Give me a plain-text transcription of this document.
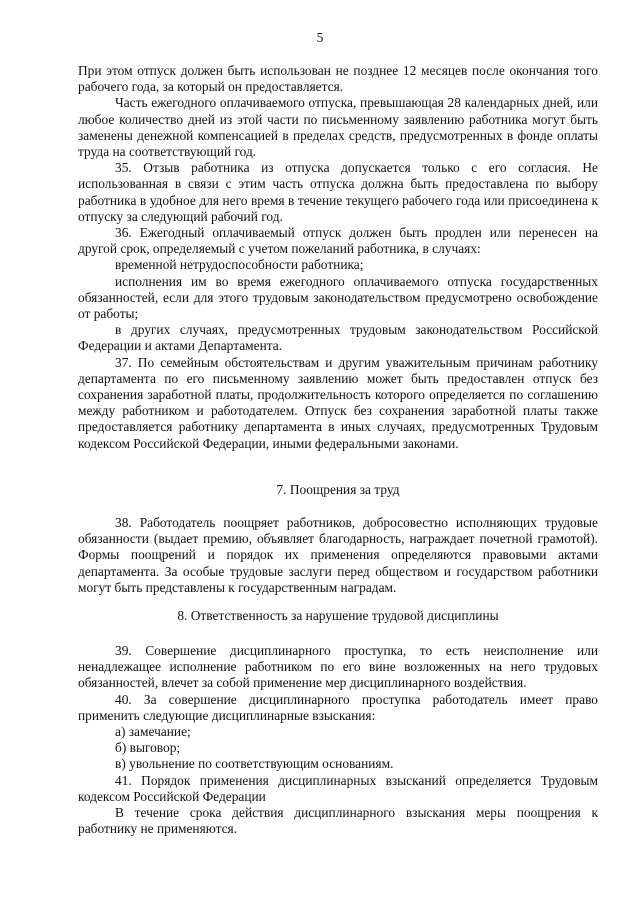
5

При этом отпуск должен быть использован не позднее 12 месяцев после окончания того рабочего года, за который он предоставляется.

Часть ежегодного оплачиваемого отпуска, превышающая 28 календарных дней, или любое количество дней из этой части по письменному заявлению работника могут быть заменены денежной компенсацией в пределах средств, предусмотренных в фонде оплаты труда на соответствующий год.

35. Отзыв работника из отпуска допускается только с его согласия. Не использованная в связи с этим часть отпуска должна быть предоставлена по выбору работника в удобное для него время в течение текущего рабочего года или присоединена к отпуску за следующий рабочий год.

36. Ежегодный оплачиваемый отпуск должен быть продлен или перенесен на другой срок, определяемый с учетом пожеланий работника, в случаях:

временной нетрудоспособности работника;

исполнения им во время ежегодного оплачиваемого отпуска государственных обязанностей, если для этого трудовым законодательством предусмотрено освобождение от работы;

в других случаях, предусмотренных трудовым законодательством Российской Федерации и актами Департамента.

37. По семейным обстоятельствам и другим уважительным причинам работнику департамента по его письменному заявлению может быть предоставлен отпуск без сохранения заработной платы, продолжительность которого определяется по соглашению между работником и работодателем. Отпуск без сохранения заработной платы также предоставляется работнику департамента в иных случаях, предусмотренных Трудовым кодексом Российской Федерации, иными федеральными законами.

7. Поощрения за труд

38. Работодатель поощряет работников, добросовестно исполняющих трудовые обязанности (выдает премию, объявляет благодарность, награждает почетной грамотой). Формы поощрений и порядок их применения определяются правовыми актами департамента. За особые трудовые заслуги перед обществом и государством работники могут быть представлены к государственным наградам.

8. Ответственность за нарушение трудовой дисциплины

39. Совершение дисциплинарного проступка, то есть неисполнение или ненадлежащее исполнение работником по его вине возложенных на него трудовых обязанностей, влечет за собой применение мер дисциплинарного воздействия.

40. За совершение дисциплинарного проступка работодатель имеет право применить следующие дисциплинарные взыскания:

а) замечание;

б) выговор;

в) увольнение по соответствующим основаниям.

41. Порядок применения дисциплинарных взысканий определяется Трудовым кодексом Российской Федерации

В течение срока действия дисциплинарного взыскания меры поощрения к работнику не применяются.
